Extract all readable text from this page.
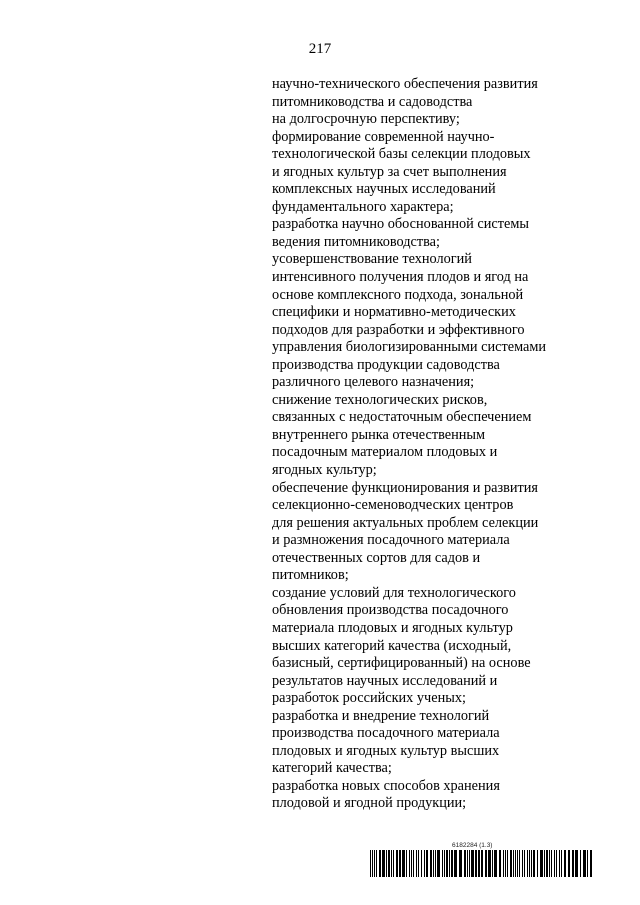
217
научно-технического обеспечения развития
питомниководства и садоводства
на долгосрочную перспективу;
формирование современной научно-
технологической базы селекции плодовых
и ягодных культур за счет выполнения
комплексных научных исследований
фундаментального характера;
разработка научно обоснованной системы
ведения питомниководства;
усовершенствование технологий
интенсивного получения плодов и ягод на
основе комплексного подхода, зональной
специфики и нормативно-методических
подходов для разработки и эффективного
управления биологизированными системами
производства продукции садоводства
различного целевого назначения;
снижение технологических рисков,
связанных с недостаточным обеспечением
внутреннего рынка отечественным
посадочным материалом плодовых и
ягодных культур;
обеспечение функционирования и развития
селекционно-семеноводческих центров
для решения актуальных проблем селекции
и размножения посадочного материала
отечественных сортов для садов и
питомников;
создание условий для технологического
обновления производства посадочного
материала плодовых и ягодных культур
высших категорий качества (исходный,
базисный, сертифицированный) на основе
результатов научных исследований и
разработок российских ученых;
разработка и внедрение технологий
производства посадочного материала
плодовых и ягодных культур высших
категорий качества;
разработка новых способов хранения
плодовой и ягодной продукции;
6182284 (1.3)
